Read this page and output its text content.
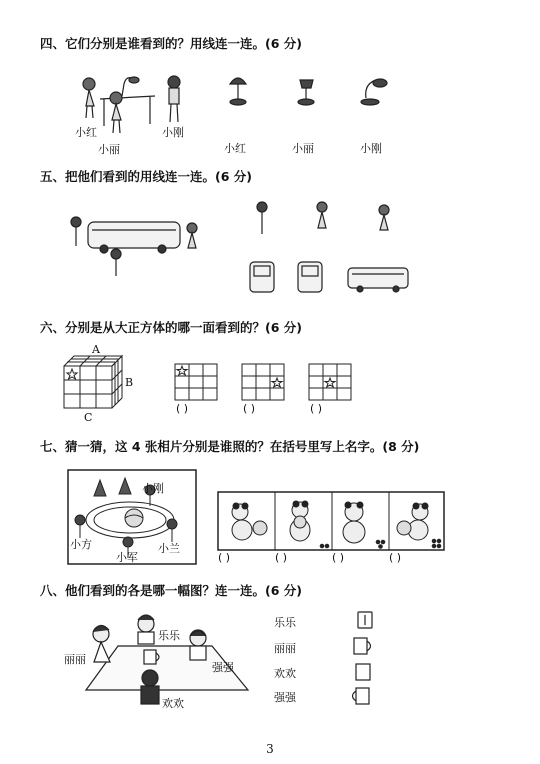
四、它们分别是谁看到的？用线连一连。(6 分)
小红
小丽
小刚
小红	小丽	小刚
五、把他们看到的用线连一连。(6 分)
六、分别是从大正方体的哪一面看到的？(6 分)
A
B
C
( )	( )	( )
七、猜一猜，这 4 张相片分别是谁照的？在括号里写上名字。(8 分)
小刚
小方
小军
小兰
( )	( )	( )	( )
八、他们看到的各是哪一幅图？连一连。(6 分)
乐乐
丽丽
强强
欢欢
乐乐
丽丽
欢欢
强强
3
